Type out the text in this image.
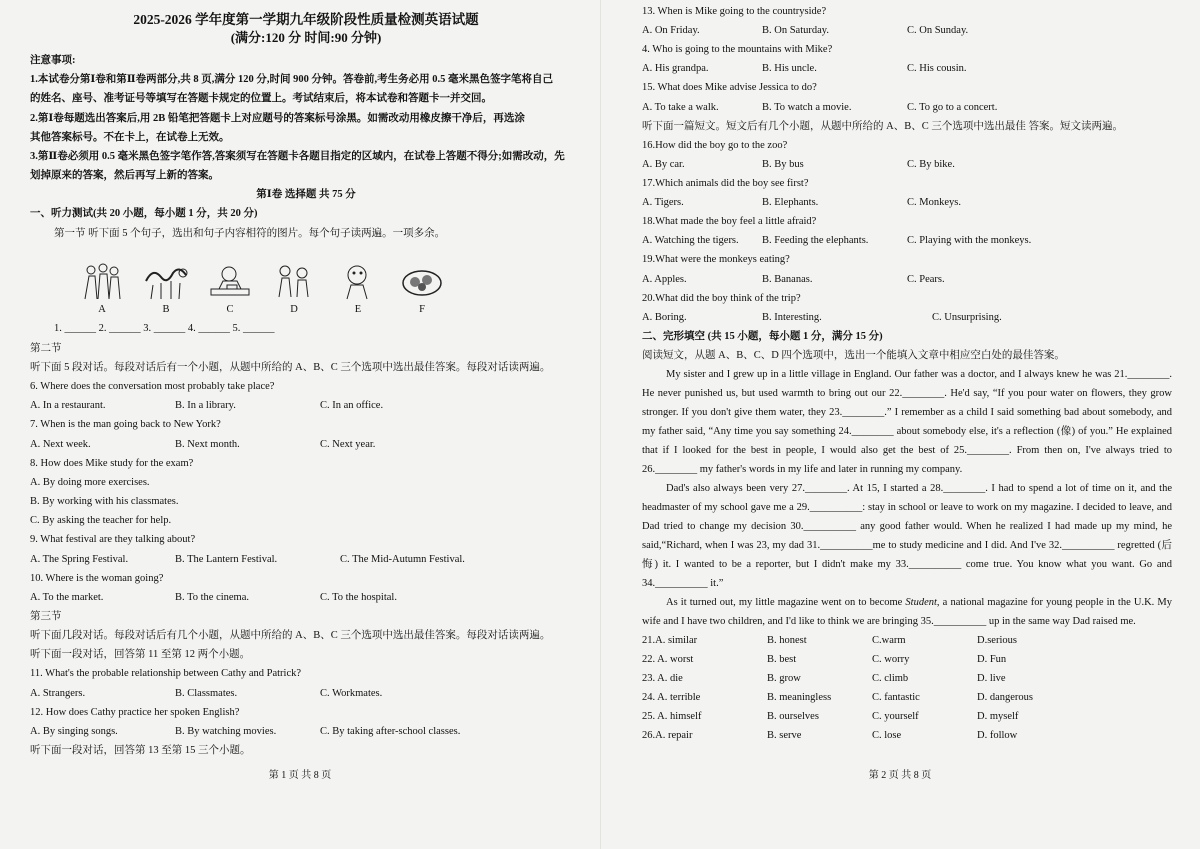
2025-2026 学年度第一学期九年级阶段性质量检测英语试题
(满分:120 分 时间:90 分钟)
注意事项:
1.本试卷分第Ⅰ卷和第Ⅱ卷两部分,共 8 页,满分 120 分,时间 900 分钟。答卷前,考生务必用 0.5 毫米黑色签字笔将自己
的姓名、座号、准考证号等填写在答题卡规定的位置上。考试结束后，将本试卷和答题卡一并交回。
2.第Ⅰ卷每题选出答案后,用 2B 铅笔把答题卡上对应题号的答案标号涂黑。如需改动用橡皮擦干净后，再选涂
其他答案标号。不在卡上，在试卷上无效。
3.第Ⅱ卷必须用 0.5 毫米黑色签字笔作答,答案须写在答题卡各题目指定的区域内，在试卷上答题不得分;如需改动，先
划掉原来的答案，然后再写上新的答案。
第Ⅰ卷 选择题 共 75 分
一、听力测试(共 20 小题，每小题 1 分，共 20 分)
第一节 听下面 5 个句子，选出和句子内容相符的图片。每个句子读两遍。一项多余。
A	B	C	D	E	F
1. ______ 2. ______ 3. ______ 4. ______ 5. ______
第二节
听下面 5 段对话。每段对话后有一个小题，从题中所给的 A、B、C 三个选项中选出最佳答案。每段对话读两遍。
6. Where does the conversation most probably take place?
A. In a restaurant.	B. In a library.	C. In an office.
7. When is the man going back to New York?
A. Next week.	B. Next month.	C. Next year.
8. How does Mike study for the exam?
A. By doing more exercises.
B. By working with his classmates.
C. By asking the teacher for help.
9. What festival are they talking about?
A. The Spring Festival.	B. The Lantern Festival.	C. The Mid-Autumn Festival.
10. Where is the woman going?
A. To the market.	B. To the cinema.	C. To the hospital.
第三节
听下面几段对话。每段对话后有几个小题，从题中所给的 A、B、C 三个选项中选出最佳答案。每段对话读两遍。
听下面一段对话，回答第 11 至第 12 两个小题。
11. What's the probable relationship between Cathy and Patrick?
A. Strangers.	B. Classmates.	C. Workmates.
12. How does Cathy practice her spoken English?
A. By singing songs.	B. By watching movies.	C. By taking after-school classes.
听下面一段对话，回答第 13 至第 15 三个小题。
第 1 页 共 8 页
13. When is Mike going to the countryside?
A. On Friday.	B. On Saturday.	C. On Sunday.
4. Who is going to the mountains with Mike?
A. His grandpa.	B. His uncle.	C. His cousin.
15. What does Mike advise Jessica to do?
A. To take a walk.	B. To watch a movie.	C. To go to a concert.
听下面一篇短文。短文后有几个小题，从题中所给的 A、B、C 三个选项中选出最佳 答案。短文读两遍。
16.How did the boy go to the zoo?
A. By car.	B. By bus	C. By bike.
17.Which animals did the boy see first?
A. Tigers.	B. Elephants.	C. Monkeys.
18.What made the boy feel a little afraid?
A. Watching the tigers.	B. Feeding the elephants.	C. Playing with the monkeys.
19.What were the monkeys eating?
A. Apples.	B. Bananas.	C. Pears.
20.What did the boy think of the trip?
A. Boring.	B. Interesting.	C. Unsurprising.
二、完形填空 (共 15 小题，每小题 1 分，满分 15 分)
阅读短文，从题 A、B、C、D 四个选项中，选出一个能填入文章中相应空白处的最佳答案。
My sister and I grew up in a little village in England. Our father was a doctor, and I always knew he was 21.________. He never punished us, but used warmth to bring out our 22.________. He'd say, “If you pour water on flowers, they grow stronger. If you don't give them water, they 23.________.” I remember as a child I said something bad about somebody, and my father said, “Any time you say something 24.________ about somebody else, it's a reflection (像) of you.” He explained that if I looked for the best in people, I would also get the best of 25.________. From then on, I've always tried to 26.________ my father's words in my life and later in running my company.
Dad's also always been very 27.________. At 15, I started a 28.________. I had to spend a lot of time on it, and the headmaster of my school gave me a 29.__________: stay in school or leave to work on my magazine. I decided to leave, and Dad tried to change my decision 30.__________ any good father would. When he realized I had made up my mind, he said,“Richard, when I was 23, my dad 31.__________me to study medicine and I did. And I've 32.__________ regretted (后悔) it. I wanted to be a reporter, but I didn't make my 33.__________ come true. You know what you want. Go and 34.__________ it.”
As it turned out, my little magazine went on to become Student, a national magazine for young people in the U.K. My wife and I have two children, and I'd like to think we are bringing 35.__________ up in the same way Dad raised me.
21.A. similar	B. honest	C.warm	D.serious
22. A. worst	B. best	C. worry	D. Fun
23. A. die	B. grow	C. climb	D. live
24. A. terrible	B. meaningless	C. fantastic	D. dangerous
25. A. himself	B. ourselves	C. yourself	D. myself
26.A. repair	B. serve	C. lose	D. follow
第 2 页 共 8 页
